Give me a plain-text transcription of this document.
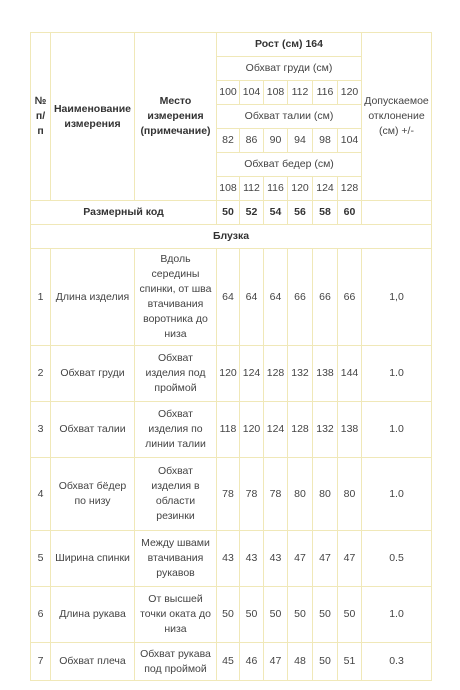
№ п/п	Наименование измерения	Место измерения (примечание)	Рост (см) 164						Допускаемое отклонение (см) +/-
			Обхват груди (см)						
			100	104	108	112	116	120	
			Обхват талии (см)						
			82	86	90	94	98	104	
			Обхват бедер (см)						
			108	112	116	120	124	128	
Размерный код			50	52	54	56	58	60	
Блузка									
1	Длина изделия	Вдоль середины спинки, от шва втачивания воротника до низа	64	64	64	66	66	66	1,0
2	Обхват груди	Обхват изделия под проймой	120	124	128	132	138	144	1.0
3	Обхват талии	Обхват изделия по линии талии	118	120	124	128	132	138	1.0
4	Обхват бёдер по низу	Обхват изделия в области резинки	78	78	78	80	80	80	1.0
5	Ширина спинки	Между швами втачивания рукавов	43	43	43	47	47	47	0.5
6	Длина рукава	От высшей точки оката до низа	50	50	50	50	50	50	1.0
7	Обхват плеча	Обхват рукава под проймой	45	46	47	48	50	51	0.3
